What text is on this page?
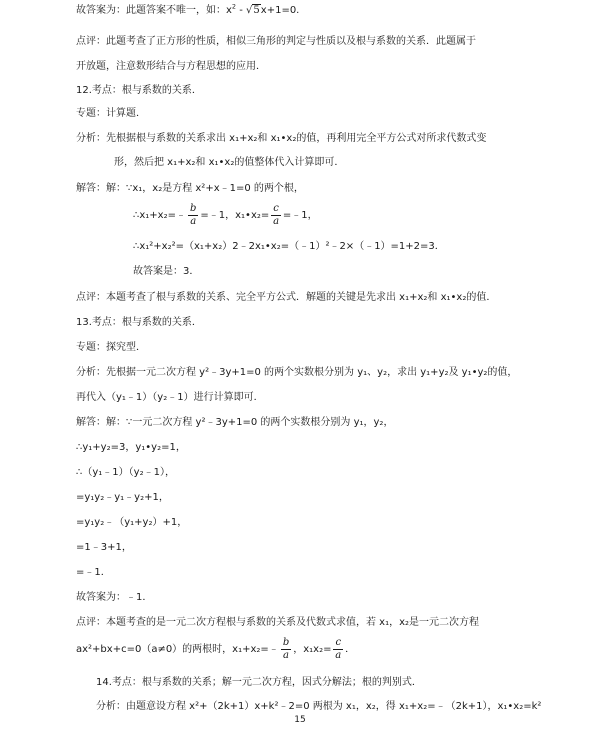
故答案为：此题答案不唯一，如：$x^2 - √5x+1=0$.
点评：此题考查了正方形的性质，相似三角形的判定与性质以及根与系数的关系．此题属于
开放题，注意数形结合与方程思想的应用．
12.考点：根与系数的关系．
专题：计算题．
分析：先根据根与系数的关系求出 x₁+x₂和 x₁•x₂的值，再利用完全平方公式对所求代数式变
形，然后把 x₁+x₂和 x₁•x₂的值整体代入计算即可．
解答：解：∵x₁，x₂是方程 x²+x﹣1=0 的两个根，
∴x₁+x₂=﹣ $\frac{b}{a}$ =﹣1，x₁•x₂= $\frac{c}{a}$ =﹣1，
∴x₁²+x₂²=（x₁+x₂）2﹣2x₁•x₂=（﹣1）²﹣2×（﹣1）=1+2=3．
故答案是：3．
点评：本题考查了根与系数的关系、完全平方公式．解题的关键是先求出 x₁+x₂和 x₁•x₂的值．
13.考点：根与系数的关系．
专题：探究型．
分析：先根据一元二次方程 y²﹣3y+1=0 的两个实数根分别为 y₁、y₂，求出 y₁+y₂及 y₁•y₂的值，
再代入（y₁﹣1）（y₂﹣1）进行计算即可．
解答：解：∵一元二次方程 y²﹣3y+1=0 的两个实数根分别为 y₁，y₂，
∴y₁+y₂=3，y₁•y₂=1，
∴（y₁﹣1）（y₂﹣1），
=y₁y₂﹣y₁﹣y₂+1，
=y₁y₂﹣（y₁+y₂）+1，
=1﹣3+1，
=﹣1．
故答案为：﹣1．
点评：本题考查的是一元二次方程根与系数的关系及代数式求值，若 x₁，x₂是一元二次方程
ax²+bx+c=0（a≠0）的两根时，x₁+x₂=﹣ $\frac{b}{a}$ ，$x_1x_2= \frac{c}{a}$ ．
14.考点：根与系数的关系；解一元二次方程，因式分解法；根的判别式．
分析：由题意设方程 x²+（2k+1）x+k²﹣2=0 两根为 x₁，x₂，得 x₁+x₂=﹣（2k+1），x₁•x₂=k²
15
